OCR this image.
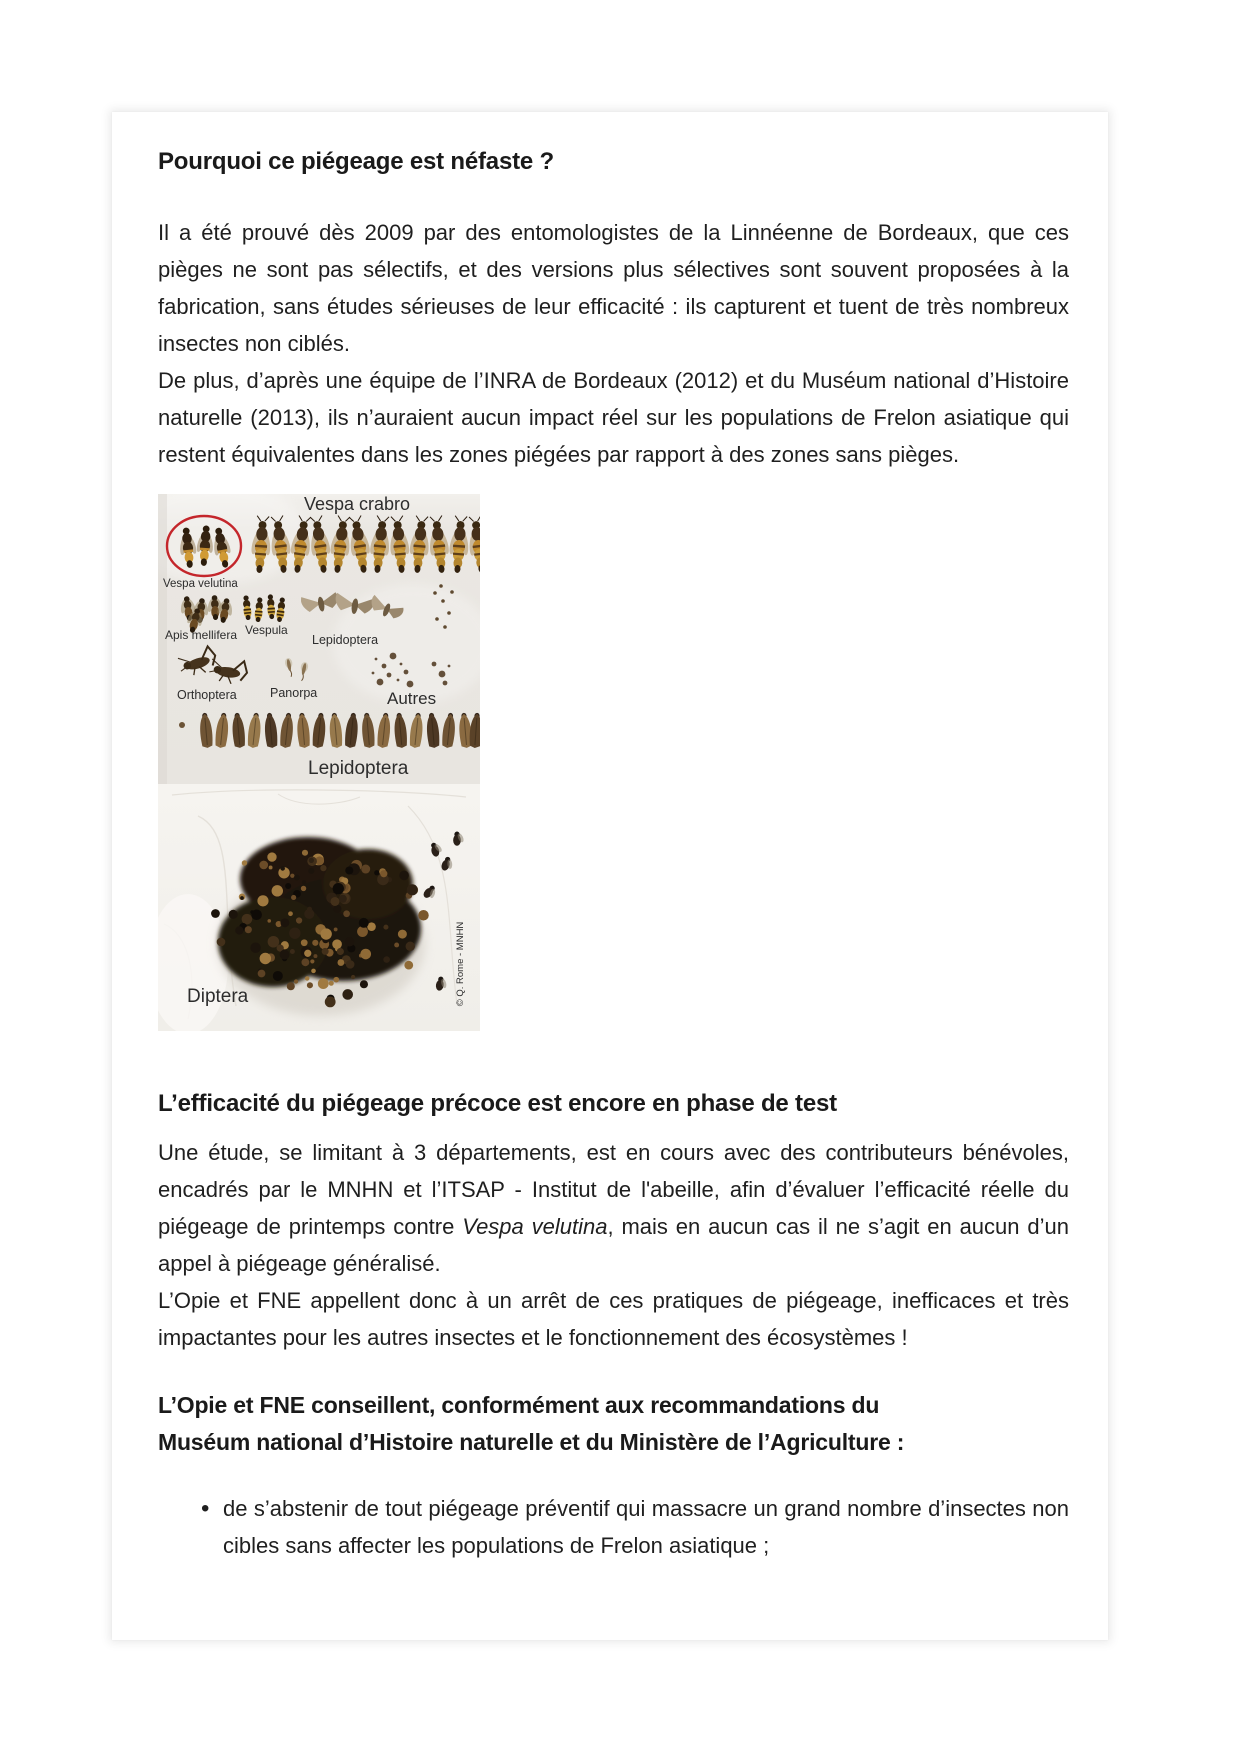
Pourquoi ce piégeage est néfaste ?

Il a été prouvé dès 2009 par des entomologistes de la Linnéenne de Bordeaux, que ces pièges ne sont pas sélectifs, et des versions plus sélectives sont souvent proposées à la fabrication, sans études sérieuses de leur efficacité : ils capturent et tuent de très nombreux insectes non ciblés.

De plus, d’après une équipe de l’INRA de Bordeaux (2012) et du Muséum national d’Histoire naturelle (2013), ils n’auraient aucun impact réel sur les populations de Frelon asiatique qui restent équivalentes dans les zones piégées par rapport à des zones sans pièges.

Vespa crabro
Vespa velutina
Apis mellifera Vespula
Lepidoptera
Orthoptera	Panorpa	Autres
Lepidoptera
Diptera	© Q. Rome - MNHN
L’efficacité du piégeage précoce est encore en phase de test

Une étude, se limitant à 3 départements, est en cours avec des contributeurs bénévoles, encadrés par le MNHN et l’ITSAP - Institut de l'abeille, afin d’évaluer l’efficacité réelle du piégeage de printemps contre Vespa velutina, mais en aucun cas il ne s’agit en aucun d’un appel à piégeage généralisé.

L’Opie et FNE appellent donc à un arrêt de ces pratiques de piégeage, inefficaces et très impactantes pour les autres insectes et le fonctionnement des écosystèmes !

L’Opie et FNE conseillent, conformément aux recommandations du
Muséum national d’Histoire naturelle et du Ministère de l’Agriculture :
• de s’abstenir de tout piégeage préventif qui massacre un grand nombre d’insectes non cibles sans affecter les populations de Frelon asiatique ;
